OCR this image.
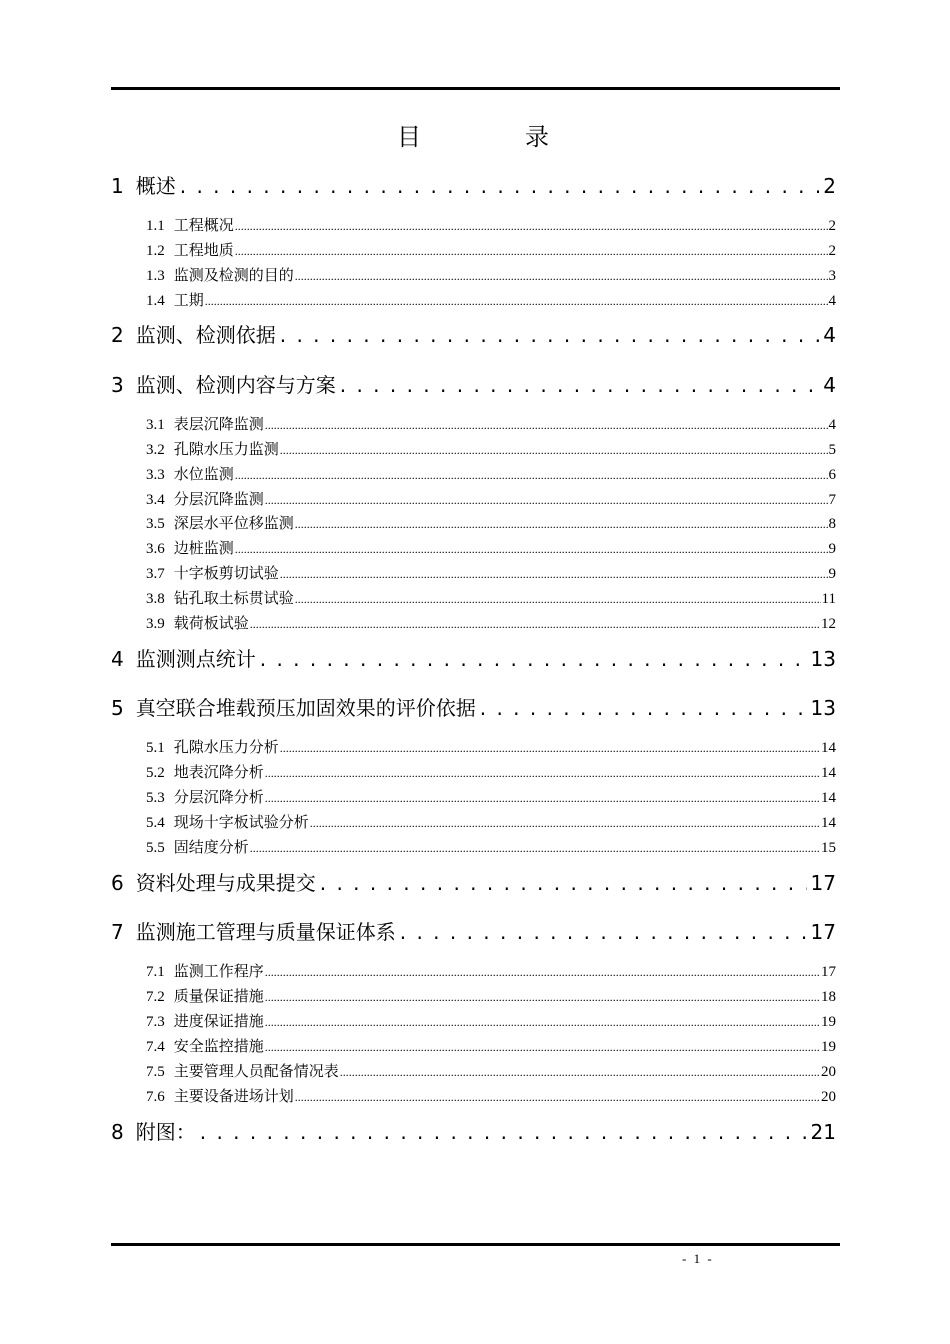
目　录
1 概述 . . .	2
1.1 工程概况 .....	2
1.2 工程地质 .....	2
1.3 监测及检测的目的 .....	3
1.4 工期 .....	4
2 监测、检测依据 . . .	4
3 监测、检测内容与方案 . . .	4
3.1 表层沉降监测 .....	4
3.2 孔隙水压力监测 .....	5
3.3 水位监测 .....	6
3.4 分层沉降监测 .....	7
3.5 深层水平位移监测 .....	8
3.6 边桩监测 .....	9
3.7 十字板剪切试验 .....	9
3.8 钻孔取土标贯试验 .....	11
3.9 载荷板试验 .....	12
4 监测测点统计 . . .	13
5 真空联合堆载预压加固效果的评价依据 . . .	13
5.1 孔隙水压力分析 .....	14
5.2 地表沉降分析 .....	14
5.3 分层沉降分析 .....	14
5.4 现场十字板试验分析 .....	14
5.5 固结度分析 .....	15
6 资料处理与成果提交 . . .	17
7 监测施工管理与质量保证体系 . . .	17
7.1 监测工作程序 .....	17
7.2 质量保证措施 .....	18
7.3 进度保证措施 .....	19
7.4 安全监控措施 .....	19
7.5 主要管理人员配备情况表 .....	20
7.6 主要设备进场计划 .....	20
8 附图： . . .	21
- 1 -
